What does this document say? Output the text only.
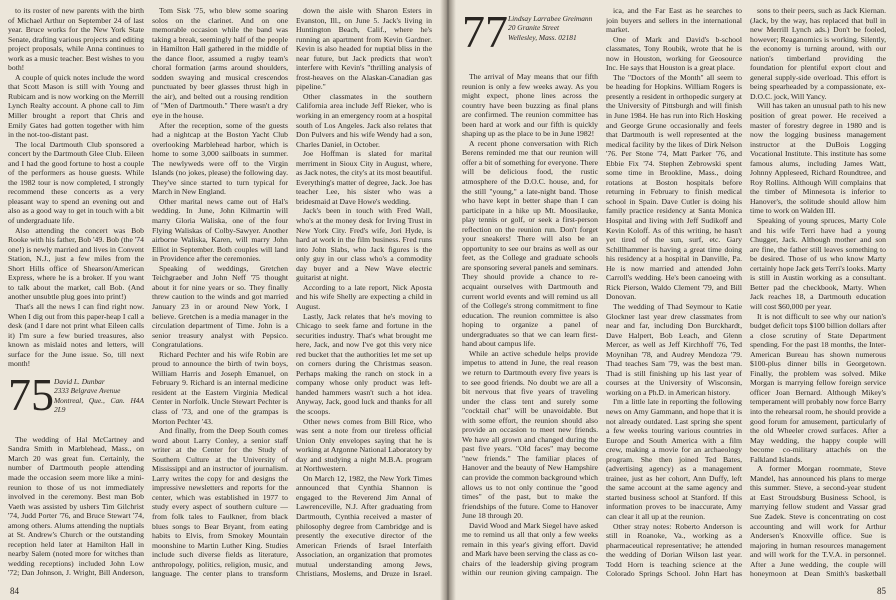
to its roster of new parents with the birth of Michael Arthur on September 24 of last year. Bruce works for the New York State Senate, drafting various projects and editing project proposals, while Anna continues to work as a music teacher. Best wishes to you both!

A couple of quick notes include the word that Scott Mason is still with Young and Rubicam and is now working on the Merrill Lynch Realty account. A phone call to Jim Miller brought a report that Chris and Emily Gates had gotten together with him in the not-too-distant past.

The local Dartmouth Club sponsored a concert by the Dartmouth Glee Club. Eileen and I had the good fortune to host a couple of the performers as house guests. While the 1982 tour is now completed, I strongly recommend these concerts as a very pleasant way to spend an evening out and also as a good way to get in touch with a bit of undergraduate life.

Also attending the concert was Bob Rooke with his father, Bob '49. Bob (the '74 one!) is newly married and lives in Convent Station, N.J., just a few miles from the Short Hills office of Shearson/American Express, where he is a broker. If you want to talk about the market, call Bob. (And another unsubtle plug goes into print!)

That's all the news I can find right now. When I dig out from this paper-heap I call a desk (and I dare not print what Eileen calls it) I'm sure a few buried treasures, also known as mislaid notes and letters, will surface for the June issue. So, till next month!

75 David L. Dunbar
2333 Belgrave Avenue
Montreal, Que., Can. H4A 2L9

The wedding of Hal McCartney and Sandra Smith in Marblehead, Mass., on March 20 was great fun. Certainly, the number of Dartmouth people attending made the occasion seem more like a mini-reunion to those of us not immediately involved in the ceremony. Best man Bob Vaeth was assisted by ushers Tim Gilchrist '74, Judd Porter '76, and Bruce Stewart '74, among others. Alums attending the nuptials at St. Andrew's Church or the outstanding reception held later at Hamilton Hall in nearby Salem (noted more for witches than wedding receptions) included John Low '72; Dan Johnson, J. Wright, Bill Anderson,

Tom Sisk '75, who blew some soaring solos on the clarinet. And on one memorable occasion while the band was taking a break, seemingly half of the people in Hamilton Hall gathered in the middle of the dance floor, assumed a rugby team's choral formation (arms around shoulders, sodden swaying and musical crescendos punctuated by beer glasses thrust high in the air), and belted out a rousing rendition of "Men of Dartmouth." There wasn't a dry eye in the house.

After the reception, some of the guests had a nightcap at the Boston Yacht Club overlooking Marblehead harbor, which is home to some 3,000 sailboats in summer. The newlyweds were off to the Virgin Islands (no jokes, please) the following day. They've since started to turn typical for March in New England.

Other marital news came out of Hal's wedding. In June, John Kilmartin will marry Gloria Waliska, one of the four Flying Waliskas of Colby-Sawyer. Another airborne Waliska, Karen, will marry John Elliot in September. Both couples will land in Providence after the ceremonies.

Speaking of weddings, Gretchen Teichgraeber and John Neff '75 thought about it for nine years or so. They finally threw caution to the winds and got married January 23 in or around New York, I believe. Gretchen is a media manager in the circulation department of Time. John is a senior treasury analyst with Pepsico. Congratulations.

Richard Pechter and his wife Robin are proud to announce the birth of twin boys, William Harris and Joseph Emanuel, on February 9. Richard is an internal medicine resident at the Eastern Virginia Medical Center in Norfolk. Uncle Stewart Pechter is class of '73, and one of the grampas is Morton Pechter '43.

And finally, from the Deep South comes word about Larry Conley, a senior staff writer at the Center for the Study of Southern Culture at the University of Mississippi and an instructor of journalism. Larry writes the copy for and designs the impressive newsletters and reports for the center, which was established in 1977 to study every aspect of southern culture — from folk tales to Faulkner, from black blues songs to Bear Bryant, from eating habits to Elvis, from Smokey Mountain moonshine to Martin Luther King. Studies include such diverse fields as literature, anthropology, politics, religion, music, and language. The center plans to transform

down the aisle with Sharon Esters in Evanston, Ill., on June 5. Jack's living in Huntington Beach, Calif., where he's running an apartment from Kevin Gardner. Kevin is also headed for nuptial bliss in the near future, but Jack predicts that won't interfere with Kevin's "thrilling analysis of frost-heaves on the Alaskan-Canadian gas pipeline."

Other classmates in the southern California area include Jeff Rieker, who is working in an emergency room at a hospital south of Los Angeles. Jack also relates that Don Pulvers and his wife Wendy had a son, Charles Daniel, in October.

Joe Hoffman is slated for marital merriment in Sioux City in August, where, as Jack notes, the city's at its most beautiful. Everything's matter of degree, Jack. Joe has teacher Lee, his sister who was a bridesmaid at Dave Howe's wedding.

Jack's been in touch with Fred Wall, who's at the money desk for Irving Trust in New York City. Fred's wife, Jori Hyde, is hard at work in the film business. Fred runs into John Slabs, who Jack figures is the only guy in our class who's a commodity day buyer and a New Wave electric guitarist at night.

According to a late report, Nick Aposta and his wife Shelly are expecting a child in August.

Lastly, Jack relates that he's moving to Chicago to seek fame and fortune in the securities industry. That's what brought me here, Jack, and now I've got this very nice red bucket that the authorities let me set up on corners during the Christmas season. Perhaps making the ranch on stock in a company whose only product was left-handed hammers wasn't such a hot idea. Anyway, Jack, good luck and thanks for all the scoops.

Other news comes from Bill Rice, who was sent a note from our tireless official Union Only envelopes saying that he is working at Argonne National Laboratory by day and studying a night M.B.A. program at Northwestern.

On March 12, 1982, the New York Times announced that Cynthia Shannon is engaged to the Reverend Jim Annal of Lawrenceville, N.J. After graduating from Dartmouth, Cynthia received a master of philosophy degree from Cambridge and is presently the executive director of the American Friends of Israel Interfaith Association, an organization that promotes mutual understanding among Jews, Christians, Moslems, and Druze in Israel.

84
77 Lindsay Larrabee Greimann
20 Granite Street
Wellesley, Mass. 02181

The arrival of May means that our fifth reunion is only a few weeks away. As you might expect, phone lines across the country have been buzzing as final plans are confirmed. The reunion committee has been hard at work and our fifth is quickly shaping up as the place to be in June 1982!

A recent phone conversation with Rich Berens reminded me that our reunion will offer a bit of something for everyone. There will be delicious food, the rustic atmosphere of the D.O.C. house, and, for the still "young," a late-night band. Those who have kept in better shape than I can participate in a hike up Mt. Moosilauke, play tennis or golf, or seek a first-person reflection on the reunion run. Don't forget your sneakers! There will also be an opportunity to see our brains as well as our feet, as the College and graduate schools are sponsoring several panels and seminars. They should provide a chance to re-acquaint ourselves with Dartmouth and current world events and will remind us all of the College's strong commitment to fine education. The reunion committee is also hoping to organize a panel of undergraduates so that we can learn first-hand about campus life.

While an active schedule helps provide impetus to attend in June, the real reason we return to Dartmouth every five years is to see good friends. No doubt we are all a bit nervous that five years of traveling under the class tent and surely some "cocktail chat" will be unavoidable. But with some effort, the reunion should also provide an occasion to meet new friends. We have all grown and changed during the past five years. "Old faces" may become "new friends." The familiar places of Hanover and the beauty of New Hampshire can provide the common background which allows us to not only continue the "good times" of the past, but to make the friendships of the future. Come to Hanover June 18 through 20.

David Wood and Mark Siegel have asked me to remind us all that only a few weeks remain in this year's giving effort. David and Mark have been serving the class as co-chairs of the leadership giving program within our reunion giving campaign. The

ica, and the Far East as he searches to join buyers and sellers in the international market.

One of Mark and David's b-school classmates, Tony Roubik, wrote that he is now in Houston, working for Geosource Inc. He says that Houston is a great place.

The "Doctors of the Month" all seem to be heading for Hopkins. William Rogers is presently a resident in orthopedic surgery at the University of Pittsburgh and will finish in June 1984. He has run into Rich Hosking and George Grune occasionally and feels that Dartmouth is well represented at the medical facility by the likes of Dirk Nelson '76. Per Stone '74, Matt Parker '76, and Ebbie Fix '74. Stephen Zebrowski spent some time in Brookline, Mass., doing rotations at Boston hospitals before returning in February to finish medical school in Spain. Dave Cutler is doing his family practice residency at Santa Monica Hospital and living with Jeff Sudikoff and Kevin Koloff. As of this writing, he hasn't yet tired of the sun, surf, etc. Gary Schillhammer is having a great time doing his residency at a hospital in Danville, Pa. He is now married and attended John Carroll's wedding. He's been canoeing with Rick Pierson, Waldo Clement '79, and Bill Donovan.

The wedding of Thad Seymour to Katie Glockner last year drew classmates from near and far, including Don Burckhardt, Dave Halpert, Bob Leach, and Glenn Mercer, as well as Jeff Kirchhoff '76, Ted Moynihan '78, and Audrey Mendoza '79. Thad teaches Sam '79, was the best man. Thad is still finishing up his last year of courses at the University of Wisconsin, working on a Ph.D. in American history.

I'm a little late in reporting the following news on Amy Gammann, and hope that it is not already outdated. Last spring she spent a few weeks touring various countries in Europe and South America with a film crew, making a movie for an archaeology program. She then joined Ted Bates, (advertising agency) as a management trainee, just as her cohort, Ann Duffy, left the same account at the same agency and started business school at Stanford. If this information proves to be inaccurate, Amy can clear it all up at the reunion.

Other stray notes: Roberto Anderson is still in Roanoke, Va., working as a pharmaceutical representative; he attended the wedding of Dorian Wilson last year. Todd Horn is teaching science at the Colorado Springs School. John Hart has

sons to their peers, such as Jack Kiernan. (Jack, by the way, has replaced that bull in new Merrill Lynch ads.) Don't be fooled, however; Reaganomics is working. Silently, the economy is turning around, with our nation's timberland providing the foundation for plentiful export clout and general supply-side overload. This effort is being spearheaded by a compassionate, ex-D.O.C. jock, Will Yancy.

Will has taken an unusual path to his new position of great power. He received a master of forestry degree in 1980 and is now the logging business management instructor at the DuBois Logging Vocational Institute. This institute has some famous alums, including James Watt, Johnny Appleseed, Richard Roundtree, and Roy Rollins. Although Will complains that the timber of Minnesota is inferior to Hanover's, the solitude should allow him time to work on Walden III.

Speaking of young spruces, Marty Cole and his wife Terri have had a young Chugger, Jack. Although mother and son are fine, the father still leaves something to be desired. Those of us who know Marty certainly hope Jack gets Terri's looks. Marty is still in Austin working as a consultant. Better pad the checkbook, Marty. When Jack reaches 18, a Dartmouth education will cost $60,000 per year.

It is not difficult to see why our nation's budget deficit tops $100 billion dollars after a close scrutiny of State Department spending. For the past 18 months, the Inter-American Bureau has shown numerous $100-plus dinner bills in Georgetown. Finally, the problem was solved. Mike Morgan is marrying fellow foreign service officer Joan Bernard. Although Mikey's temperament will probably now force Barry into the rehearsal room, he should provide a good forum for amusement, particularly of the old Wheeler crowd surfaces. After a May wedding, the happy couple will become co-military attachés on the Falkland Islands.

A former Morgan roommate, Steve Mandel, has announced his plans to merge this summer. Steve, a second-year student at East Stroudsburg Business School, is marrying fellow student and Vassar grad Sue Zadek. Steve is concentrating on cost accounting and will work for Arthur Andersen's Knoxville office. Sue is majoring in human resources management and will work for the T.V.A. in personnel. After a June wedding, the couple will honeymoon at Dean Smith's basketball

85
